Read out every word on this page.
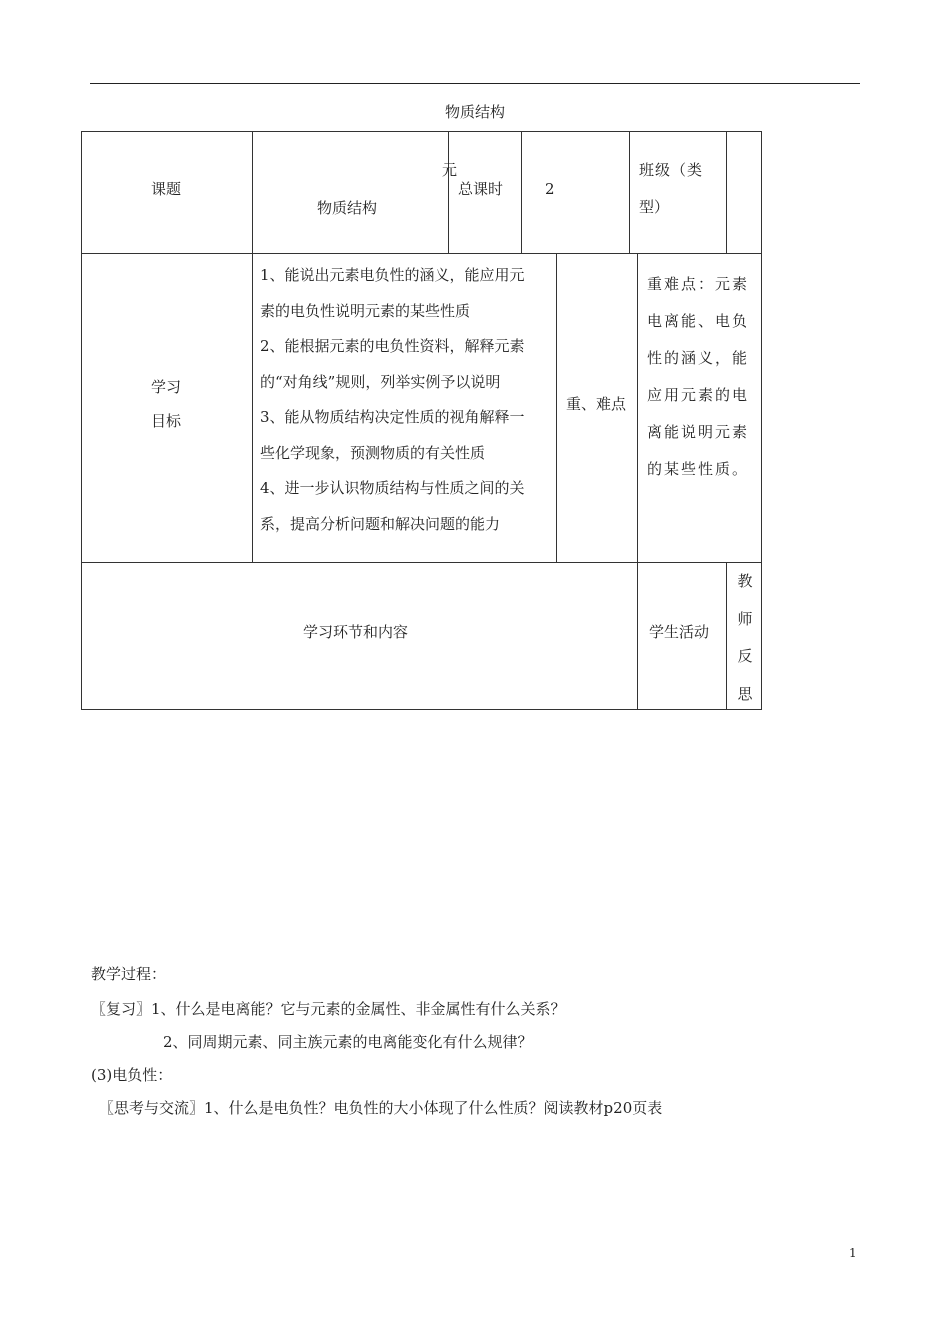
物质结构
课题
元
物质结构
总课时	2
班级（类
型）
学习
目标
1、能说出元素电负性的涵义，能应用元
素的电负性说明元素的某些性质
2、能根据元素的电负性资料，解释元素
的“对角线”规则，列举实例予以说明
3、能从物质结构决定性质的视角解释一
些化学现象，预测物质的有关性质
4、进一步认识物质结构与性质之间的关
系，提高分析问题和解决问题的能力
重、难点
重难点：元素
电离能、电负
性的涵义，能
应用元素的电
离能说明元素
的某些性质。
学习环节和内容	学生活动
教
师
反
思
教学过程：
〖复习〗1、什么是电离能？它与元素的金属性、非金属性有什么关系？
2、同周期元素、同主族元素的电离能变化有什么规律？
(3)电负性：
〖思考与交流〗1、什么是电负性？电负性的大小体现了什么性质？阅读教材p20页表
1
